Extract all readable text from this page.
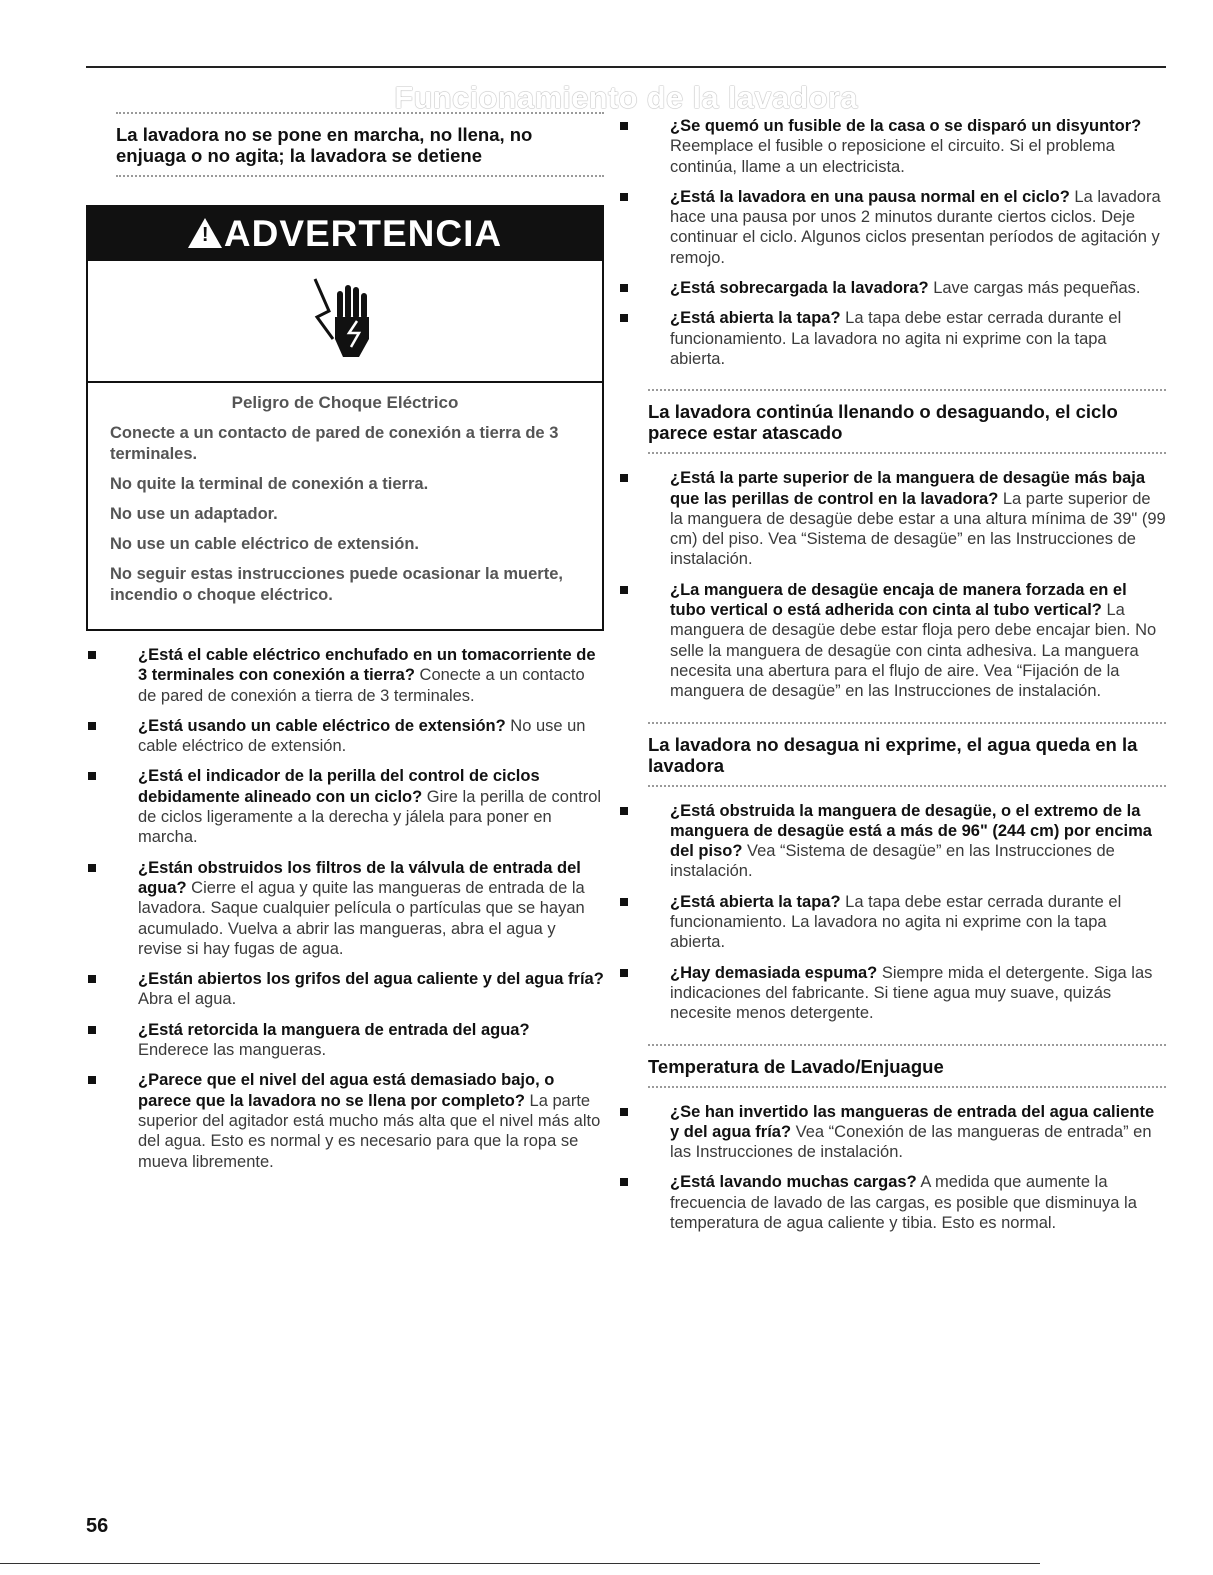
Funcionamiento de la lavadora
La lavadora no se pone en marcha, no llena, no enjuaga o no agita; la lavadora se detiene
!ADVERTENCIA
Peligro de Choque Eléctrico

Conecte a un contacto de pared de conexión a tierra de 3 terminales.

No quite la terminal de conexión a tierra.

No use un adaptador.

No use un cable eléctrico de extensión.

No seguir estas instrucciones puede ocasionar la muerte, incendio o choque eléctrico.

¿Está el cable eléctrico enchufado en un tomacorriente de 3 terminales con conexión a tierra? Conecte a un contacto de pared de conexión a tierra de 3 terminales.
¿Está usando un cable eléctrico de extensión? No use un cable eléctrico de extensión.
¿Está el indicador de la perilla del control de ciclos debidamente alineado con un ciclo? Gire la perilla de control de ciclos ligeramente a la derecha y jálela para poner en marcha.
¿Están obstruidos los filtros de la válvula de entrada del agua? Cierre el agua y quite las mangueras de entrada de la lavadora. Saque cualquier película o partículas que se hayan acumulado. Vuelva a abrir las mangueras, abra el agua y revise si hay fugas de agua.
¿Están abiertos los grifos del agua caliente y del agua fría? Abra el agua.
¿Está retorcida la manguera de entrada del agua? Enderece las mangueras.
¿Parece que el nivel del agua está demasiado bajo, o parece que la lavadora no se llena por completo? La parte superior del agitador está mucho más alta que el nivel más alto del agua. Esto es normal y es necesario para que la ropa se mueva libremente.
¿Se quemó un fusible de la casa o se disparó un disyuntor? Reemplace el fusible o reposicione el circuito. Si el problema continúa, llame a un electricista.
¿Está la lavadora en una pausa normal en el ciclo? La lavadora hace una pausa por unos 2 minutos durante ciertos ciclos. Deje continuar el ciclo. Algunos ciclos presentan períodos de agitación y remojo.
¿Está sobrecargada la lavadora? Lave cargas más pequeñas.
¿Está abierta la tapa? La tapa debe estar cerrada durante el funcionamiento. La lavadora no agita ni exprime con la tapa abierta.
La lavadora continúa llenando o desaguando, el ciclo parece estar atascado
¿Está la parte superior de la manguera de desagüe más baja que las perillas de control en la lavadora? La parte superior de la manguera de desagüe debe estar a una altura mínima de 39" (99 cm) del piso. Vea “Sistema de desagüe” en las Instrucciones de instalación.
¿La manguera de desagüe encaja de manera forzada en el tubo vertical o está adherida con cinta al tubo vertical? La manguera de desagüe debe estar floja pero debe encajar bien. No selle la manguera de desagüe con cinta adhesiva. La manguera necesita una abertura para el flujo de aire. Vea “Fijación de la manguera de desagüe” en las Instrucciones de instalación.
La lavadora no desagua ni exprime, el agua queda en la lavadora
¿Está obstruida la manguera de desagüe, o el extremo de la manguera de desagüe está a más de 96" (244 cm) por encima del piso? Vea “Sistema de desagüe” en las Instrucciones de instalación.
¿Está abierta la tapa? La tapa debe estar cerrada durante el funcionamiento. La lavadora no agita ni exprime con la tapa abierta.
¿Hay demasiada espuma? Siempre mida el detergente. Siga las indicaciones del fabricante. Si tiene agua muy suave, quizás necesite menos detergente.
Temperatura de Lavado/Enjuague
¿Se han invertido las mangueras de entrada del agua caliente y del agua fría? Vea “Conexión de las mangueras de entrada” en las Instrucciones de instalación.
¿Está lavando muchas cargas? A medida que aumente la frecuencia de lavado de las cargas, es posible que disminuya la temperatura de agua caliente y tibia. Esto es normal.
56
